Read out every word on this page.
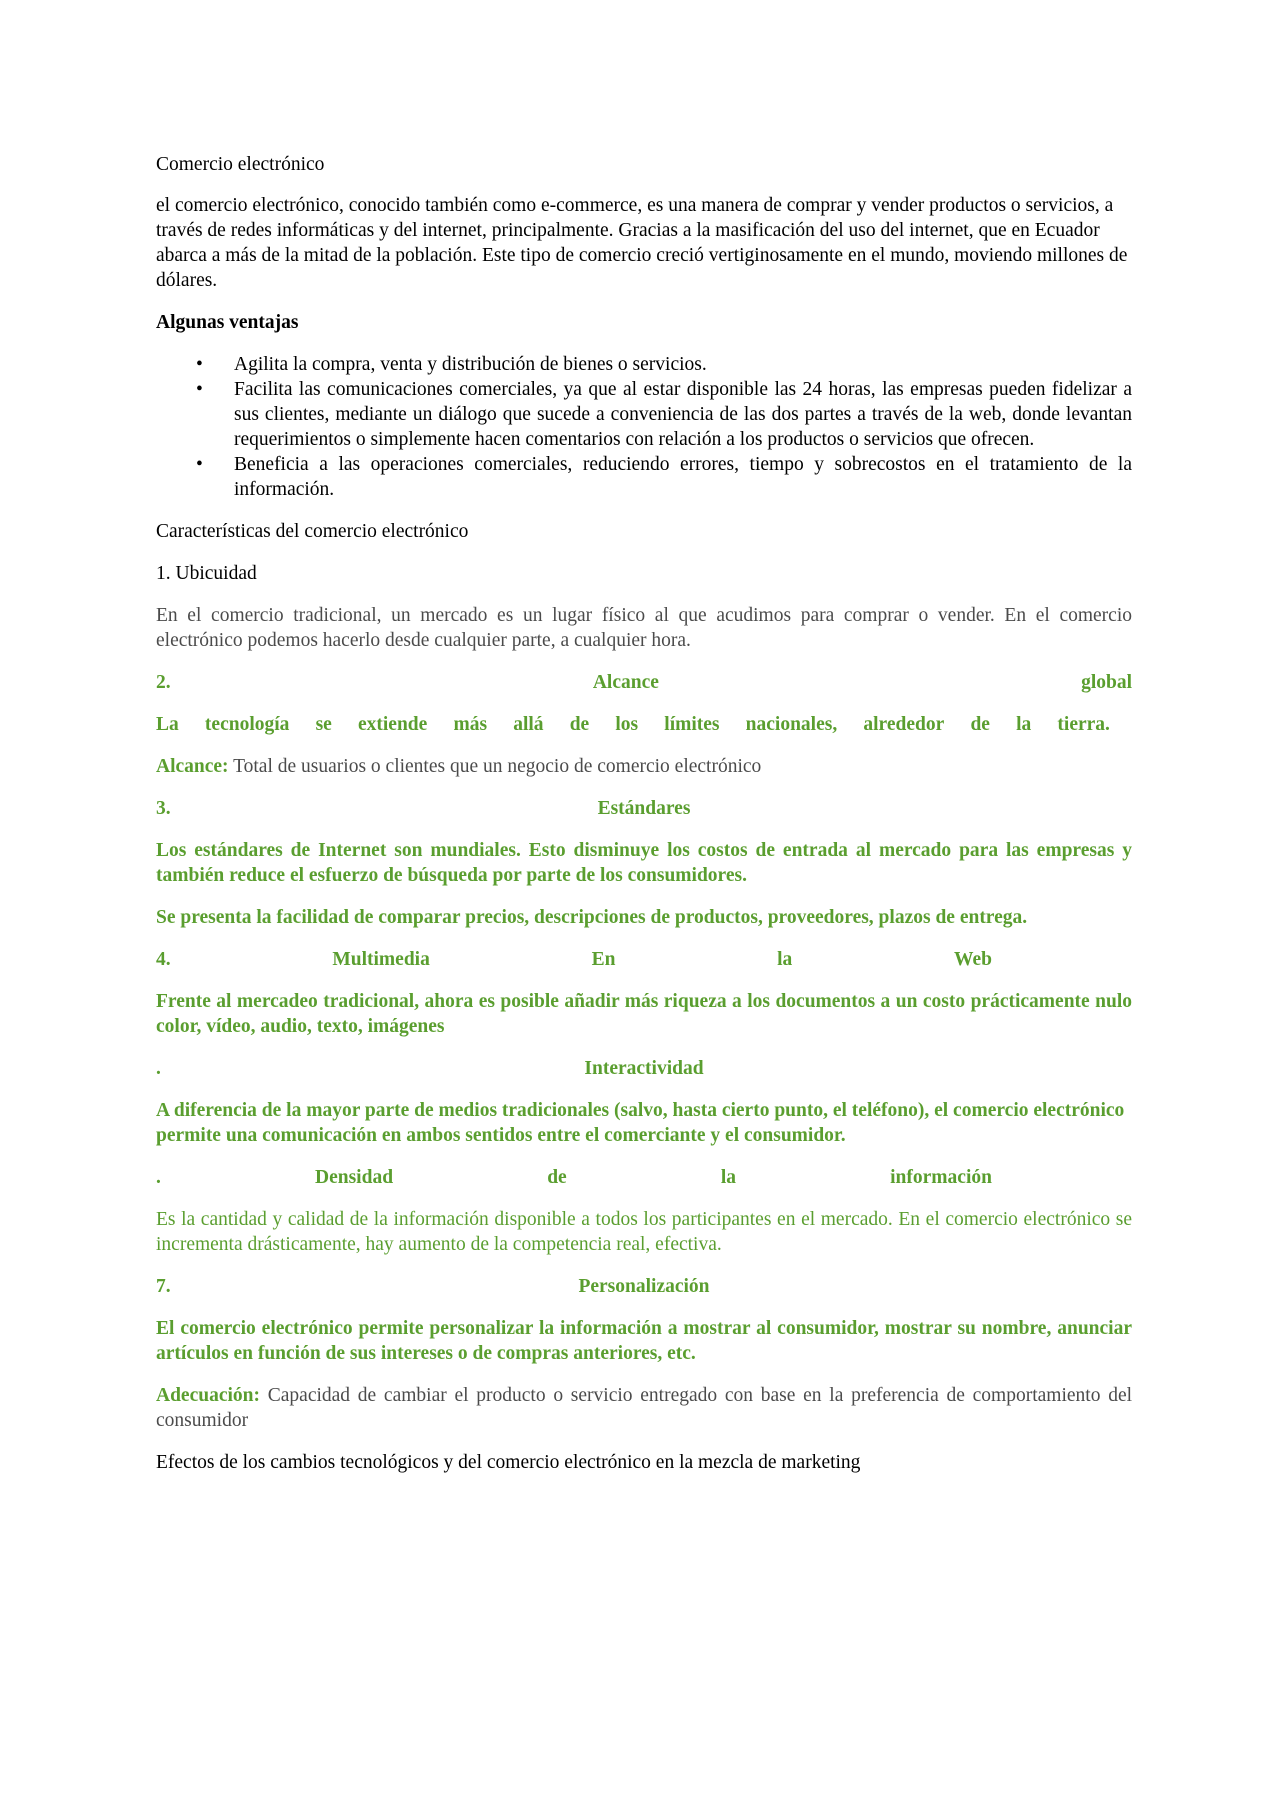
Comercio electrónico

el comercio electrónico, conocido también como e-commerce, es una manera de comprar y vender productos o servicios, a través de redes informáticas y del internet, principalmente. Gracias a la masificación del uso del internet, que en Ecuador abarca a más de la mitad de la población. Este tipo de comercio creció vertiginosamente en el mundo, moviendo millones de dólares.

Algunas ventajas

• Agilita la compra, venta y distribución de bienes o servicios.
• Facilita las comunicaciones comerciales, ya que al estar disponible las 24 horas, las empresas pueden fidelizar a sus clientes, mediante un diálogo que sucede a conveniencia de las dos partes a través de la web, donde levantan requerimientos o simplemente hacen comentarios con relación a los productos o servicios que ofrecen.
• Beneficia a las operaciones comerciales, reduciendo errores, tiempo y sobrecostos en el tratamiento de la información.

Características del comercio electrónico

1. Ubicuidad

En el comercio tradicional, un mercado es un lugar físico al que acudimos para comprar o vender. En el comercio electrónico podemos hacerlo desde cualquier parte, a cualquier hora.

2.	Alcance	global
La tecnología se extiende más allá de los límites nacionales, alrededor de la tierra.

Alcance: Total de usuarios o clientes que un negocio de comercio electrónico

3.	Estándares

Los estándares de Internet son mundiales. Esto disminuye los costos de entrada al mercado para las empresas y también reduce el esfuerzo de búsqueda por parte de los consumidores.

Se presenta la facilidad de comparar precios, descripciones de productos, proveedores, plazos de entrega.

4.	Multimedia	En	la	Web

Frente al mercadeo tradicional, ahora es posible añadir más riqueza a los documentos a un costo prácticamente nulo color, vídeo, audio, texto, imágenes

.	Interactividad

A diferencia de la mayor parte de medios tradicionales (salvo, hasta cierto punto, el teléfono), el comercio electrónico permite una comunicación en ambos sentidos entre el comerciante y el consumidor.

.	Densidad	de	la	información

Es la cantidad y calidad de la información disponible a todos los participantes en el mercado. En el comercio electrónico se incrementa drásticamente, hay aumento de la competencia real, efectiva.

7.	Personalización

El comercio electrónico permite personalizar la información a mostrar al consumidor, mostrar su nombre, anunciar artículos en función de sus intereses o de compras anteriores, etc.

Adecuación: Capacidad de cambiar el producto o servicio entregado con base en la preferencia de comportamiento del consumidor

Efectos de los cambios tecnológicos y del comercio electrónico en la mezcla de marketing
